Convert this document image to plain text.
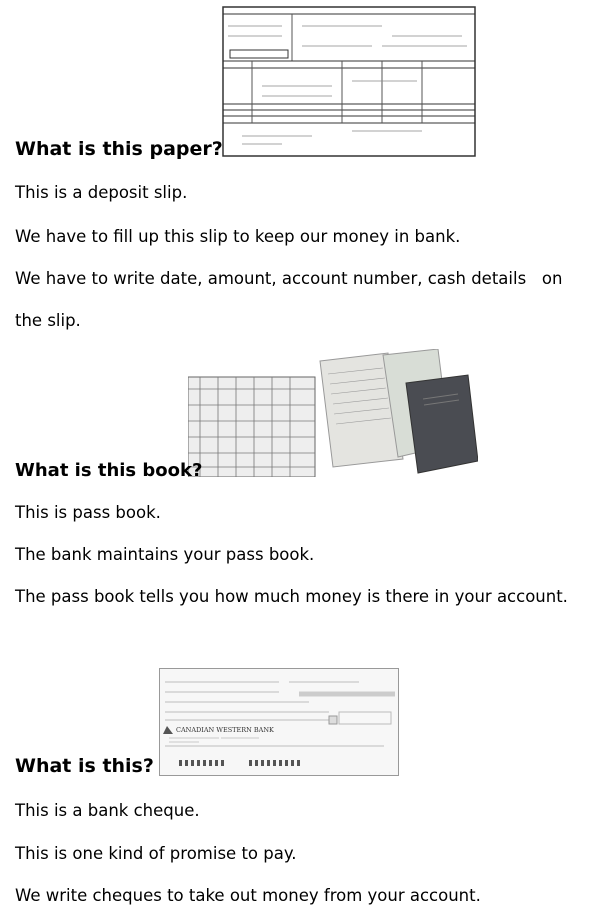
What is this paper?
This is a deposit slip.
We have to fill up this slip to keep our money in bank.
We have to write date, amount, account number, cash details   on
the slip.
What is this book?
This is pass book.
The bank maintains your pass book.
The pass book tells you how much money is there in your account.
CANADIAN WESTERN BANK
What is this?
This is a bank cheque.
This is one kind of promise to pay.
We write cheques to take out money from your account.
